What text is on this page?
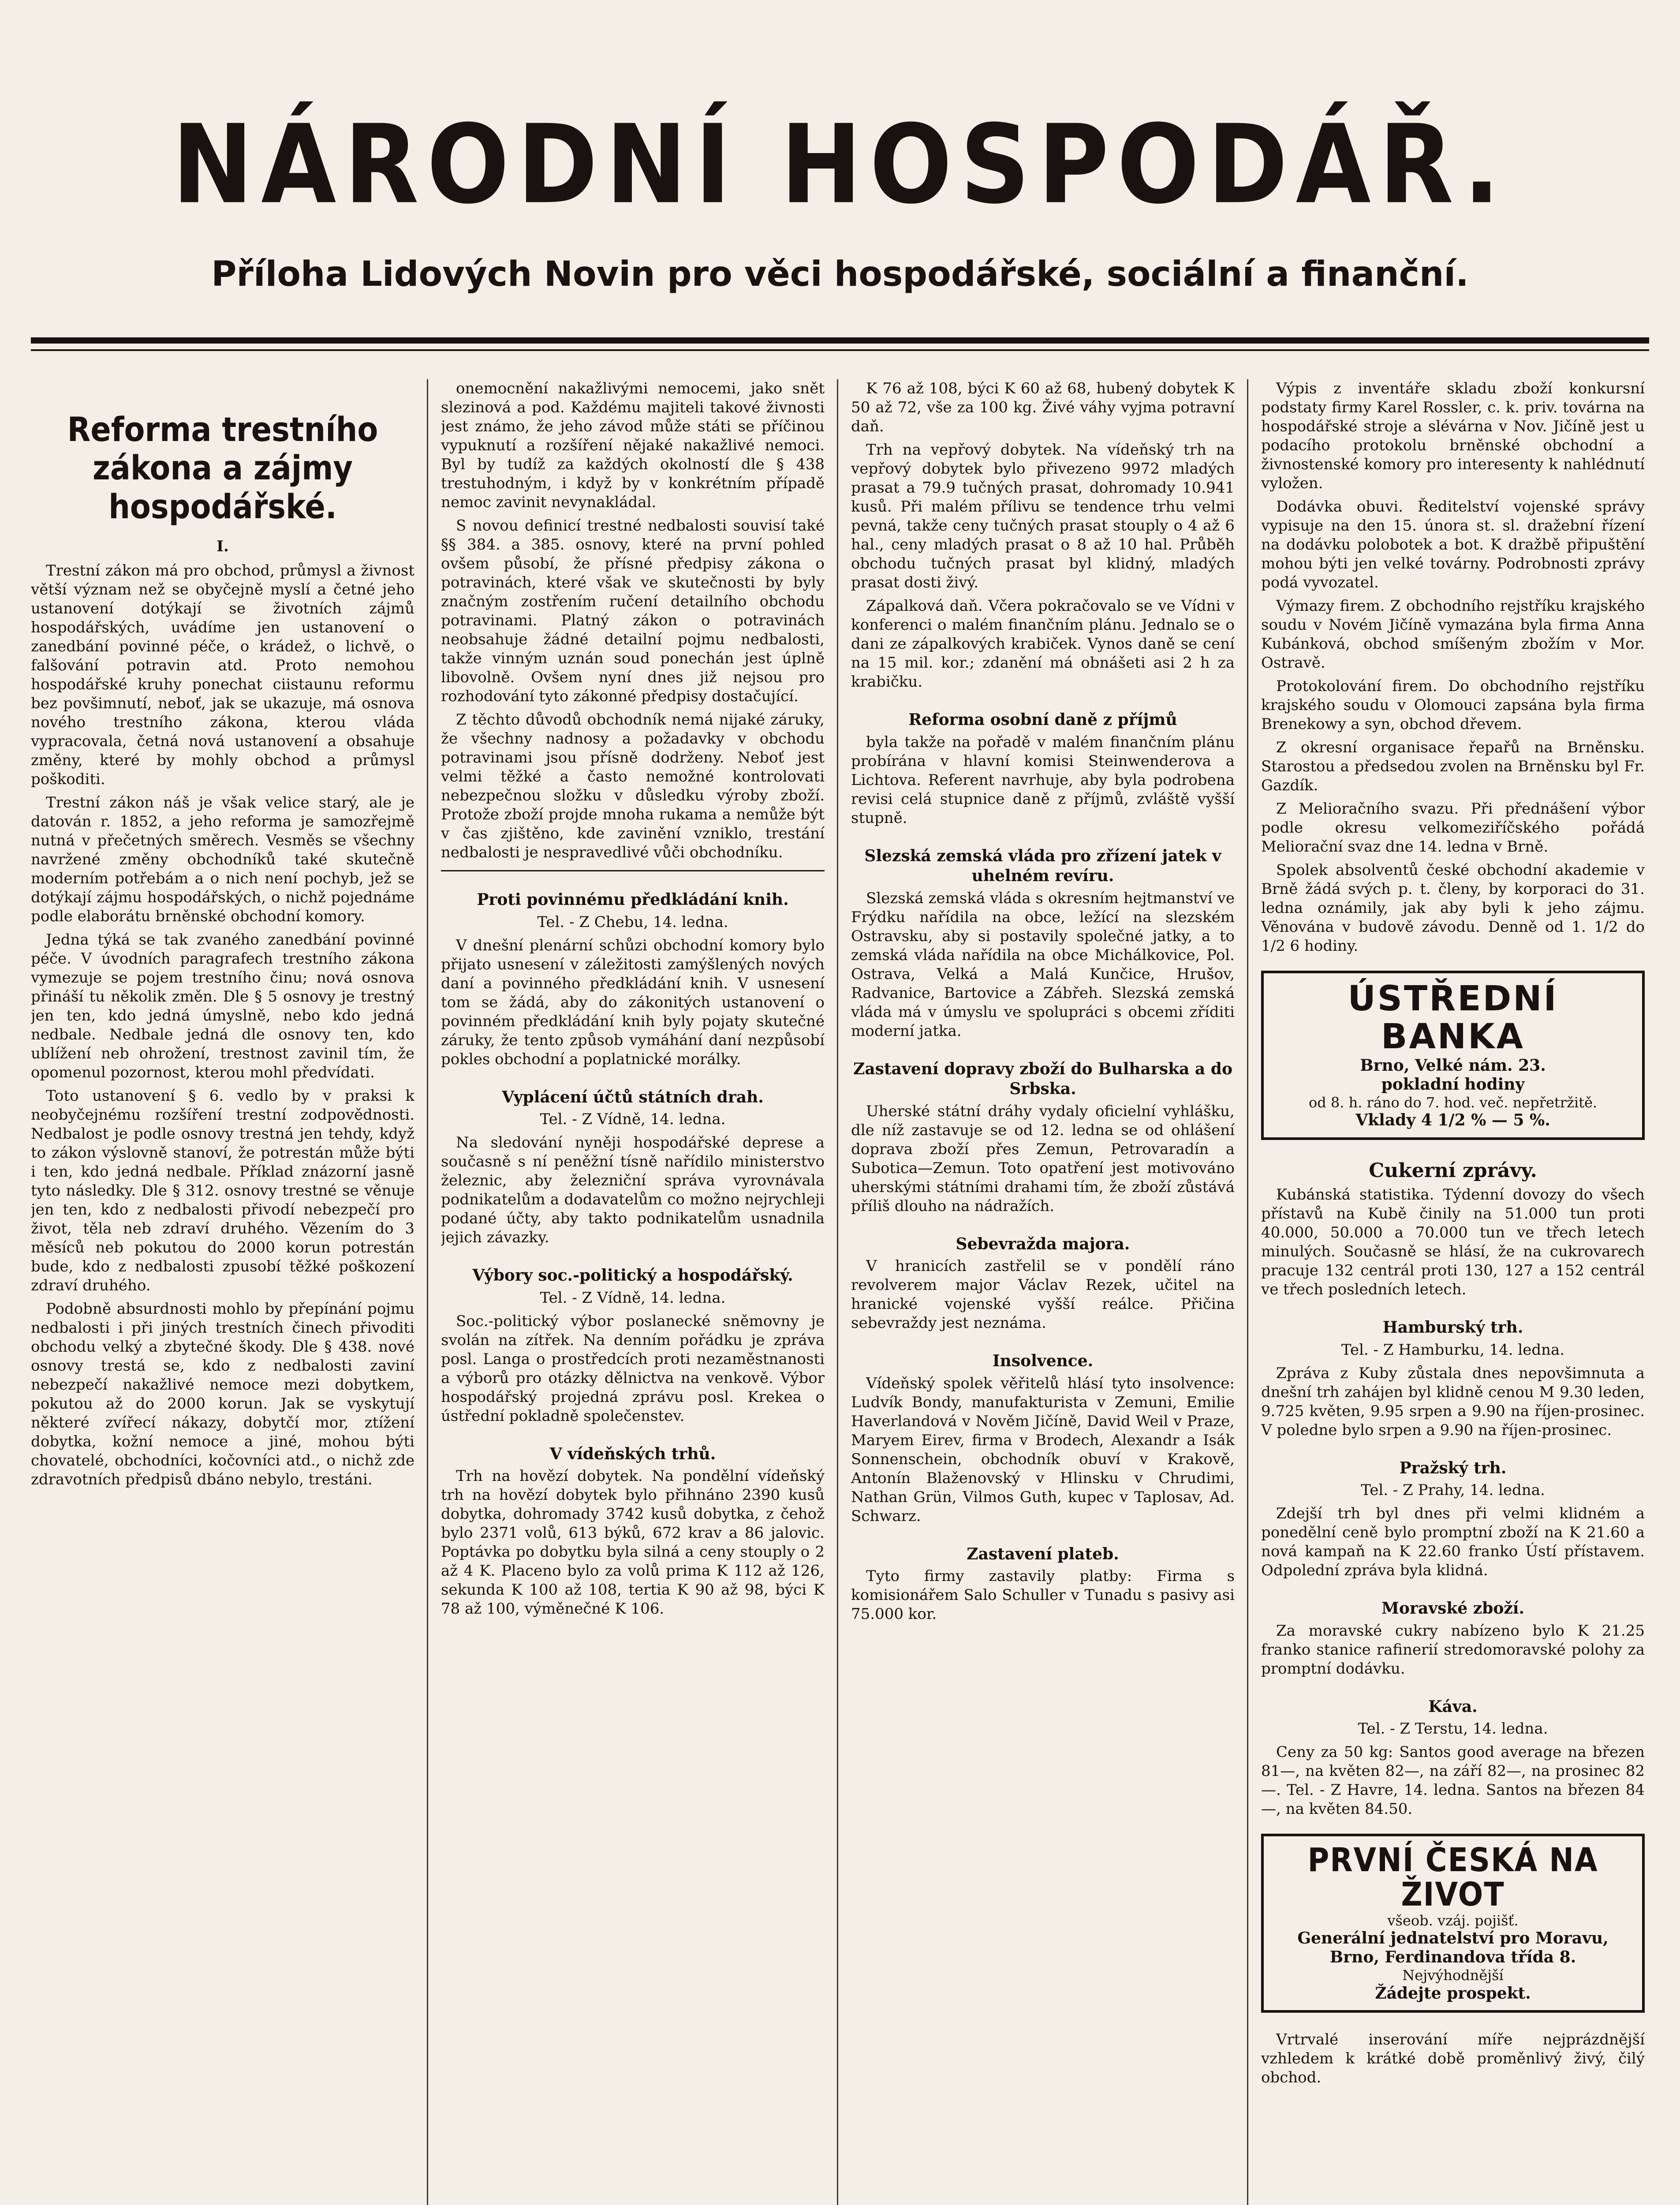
NÁRODNÍ HOSPODÁŘ.
Příloha Lidových Novin pro věci hospodářské, sociální a finanční.
Reforma trestního zákona a zájmy hospodářské.

I.

Trestní zákon má pro obchod, průmysl a živnost větší význam než se obyčejně myslí a četné jeho ustanovení dotýkají se životních zájmů hospodářských, uvádíme jen ustanovení o zanedbání povinné péče, o krádež, o lichvě, o falšování potravin atd. Proto nemohou hospodářské kruhy ponechat ciistaunu reformu bez povšimnutí, neboť, jak se ukazuje, má osnova nového trestního zákona, kterou vláda vypracovala, četná nová ustanovení a obsahuje změny, které by mohly obchod a průmysl poškoditi.

Trestní zákon náš je však velice starý, ale je datován r. 1852, a jeho reforma je samozřejmě nutná v přečetných směrech. Vesměs se všechny navržené změny obchodníků také skutečně moderním potřebám a o nich není pochyb, jež se dotýkají zájmu hospodářských, o nichž pojednáme podle elaborátu brněnské obchodní komory.

Jedna týká se tak zvaného zanedbání povinné péče. V úvodních paragrafech trestního zákona vymezuje se pojem trestního činu; nová osnova přináší tu několik změn. Dle § 5 osnovy je trestný jen ten, kdo jedná úmyslně, nebo kdo jedná nedbale. Nedbale jedná dle osnovy ten, kdo ublížení neb ohrožení, trestnost zavinil tím, že opomenul pozornost, kterou mohl předvídati.

Toto ustanovení § 6. vedlo by v praksi k neobyčejnému rozšíření trestní zodpovědnosti. Nedbalost je podle osnovy trestná jen tehdy, když to zákon výslovně stanoví, že potrestán může býti i ten, kdo jedná nedbale. Příklad znázorní jasně tyto následky. Dle § 312. osnovy trestné se věnuje jen ten, kdo z nedbalosti přivodí nebezpečí pro život, těla neb zdraví druhého. Vězením do 3 měsíců neb pokutou do 2000 korun potrestán bude, kdo z nedbalosti zpusobí těžké poškození zdraví druhého.

Podobně absurdnosti mohlo by přepínání pojmu nedbalosti i při jiných trestních činech přivoditi obchodu velký a zbytečné škody. Dle § 438. nové osnovy trestá se, kdo z nedbalosti zaviní nebezpečí nakažlivé nemoce mezi dobytkem, pokutou až do 2000 korun. Jak se vyskytují některé zvířecí nákazy, dobytčí mor, ztížení dobytka, kožní nemoce a jiné, mohou býti chovatelé, obchodníci, kočovníci atd., o nichž zde zdravotních předpisů dbáno nebylo, trestáni.

onemocnění nakažlivými nemocemi, jako snět slezinová a pod. Každému majiteli takové živnosti jest známo, že jeho závod může státi se příčinou vypuknutí a rozšíření nějaké nakažlivé nemoci. Byl by tudíž za každých okolností dle § 438 trestuhodným, i když by v konkrétním případě nemoc zavinit nevynakládal.

S novou definicí trestné nedbalosti souvisí také §§ 384. a 385. osnovy, které na první pohled ovšem působí, že přísné předpisy zákona o potravinách, které však ve skutečnosti by byly značným zostřením ručení detailního obchodu potravinami. Platný zákon o potravinách neobsahuje žádné detailní pojmu nedbalosti, takže vinným uznán soud ponechán jest úplně libovolně. Ovšem nyní dnes již nejsou pro rozhodování tyto zákonné předpisy dostačující.

Z těchto důvodů obchodník nemá nijaké záruky, že všechny nadnosy a požadavky v obchodu potravinami jsou přísně dodrženy. Neboť jest velmi těžké a často nemožné kontrolovati nebezpečnou složku v důsledku výroby zboží. Protože zboží projde mnoha rukama a nemůže být v čas zjištěno, kde zavinění vzniklo, trestání nedbalosti je nespravedlivé vůči obchodníku.

Proti povinnému předkládání knih.
Tel. - Z Chebu, 14. ledna.

V dnešní plenární schůzi obchodní komory bylo přijato usnesení v záležitosti zamýšlených nových daní a povinného předkládání knih. V usnesení tom se žádá, aby do zákonitých ustanovení o povinném předkládání knih byly pojaty skutečné záruky, že tento způsob vymáhání daní nezpůsobí pokles obchodní a poplatnické morálky.

Vyplácení účtů státních drah.
Tel. - Z Vídně, 14. ledna.

Na sledování nyněji hospodářské deprese a současně s ní peněžní tísně nařídilo ministerstvo železnic, aby železniční správa vyrovnávala podnikatelům a dodavatelům co možno nejrychleji podané účty, aby takto podnikatelům usnadnila jejich závazky.

Výbory soc.-politický a hospodářský.
Tel. - Z Vídně, 14. ledna.

Soc.-politický výbor poslanecké sněmovny je svolán na zítřek. Na denním pořádku je zpráva posl. Langa o prostředcích proti nezaměstnanosti a výborů pro otázky dělnictva na venkově. Výbor hospodářský projedná zprávu posl. Krekea o ústřední pokladně společenstev.

V vídeňských trhů.

Trh na hovězí dobytek. Na pondělní vídeňský trh na hovězí dobytek bylo přihnáno 2390 kusů dobytka, dohromady 3742 kusů dobytka, z čehož bylo 2371 volů, 613 býků, 672 krav a 86 jalovic. Poptávka po dobytku byla silná a ceny stouply o 2 až 4 K. Placeno bylo za volů prima K 112 až 126, sekunda K 100 až 108, tertia K 90 až 98, býci K 78 až 100, výměnečné K 106.

K 76 až 108, býci K 60 až 68, hubený dobytek K 50 až 72, vše za 100 kg. Živé váhy vyjma potravní daň.

Trh na vepřový dobytek. Na vídeňský trh na vepřový dobytek bylo přivezeno 9972 mladých prasat a 79.9 tučných prasat, dohromady 10.941 kusů. Při malém přílivu se tendence trhu velmi pevná, takže ceny tučných prasat stouply o 4 až 6 hal., ceny mladých prasat o 8 až 10 hal. Průběh obchodu tučných prasat byl klidný, mladých prasat dosti živý.

Zápalková daň. Včera pokračovalo se ve Vídni v konferenci o malém finančním plánu. Jednalo se o dani ze zápalkových krabiček. Vynos daně se cení na 15 mil. kor.; zdanění má obnášeti asi 2 h za krabičku.

Reforma osobní daně z příjmů

byla takže na pořadě v malém finančním plánu probírána v hlavní komisi Steinwenderova a Lichtova. Referent navrhuje, aby byla podrobena revisi celá stupnice daně z příjmů, zvláště vyšší stupně.

Slezská zemská vláda pro zřízení jatek v uhelném revíru.

Slezská zemská vláda s okresním hejtmanství ve Frýdku nařídila na obce, ležící na slezském Ostravsku, aby si postavily společné jatky, a to zemská vláda nařídila na obce Michálkovice, Pol. Ostrava, Velká a Malá Kunčice, Hrušov, Radvanice, Bartovice a Zábřeh. Slezská zemská vláda má v úmyslu ve spolupráci s obcemi zříditi moderní jatka.

Zastavení dopravy zboží do Bulharska a do Srbska.

Uherské státní dráhy vydaly oficielní vyhlášku, dle níž zastavuje se od 12. ledna se od ohlášení doprava zboží přes Zemun, Petrovaradín a Subotica—Zemun. Toto opatření jest motivováno uherskými státními drahami tím, že zboží zůstává příliš dlouho na nádražích.

Sebevražda majora.

V hranicích zastřelil se v pondělí ráno revolverem major Václav Rezek, učitel na hranické vojenské vyšší reálce. Přičina sebevraždy jest neznáma.

Insolvence.

Vídeňský spolek věřitelů hlásí tyto insolvence: Ludvík Bondy, manufakturista v Zemuni, Emilie Haverlandová v Nověm Jičíně, David Weil v Praze, Maryem Eirev, firma v Brodech, Alexandr a Isák Sonnenschein, obchodník obuví v Krakově, Antonín Blaženovský v Hlinsku v Chrudimi, Nathan Grün, Vilmos Guth, kupec v Taplosav, Ad. Schwarz.

Zastavení plateb.

Tyto firmy zastavily platby: Firma s komisionářem Salo Schuller v Tunadu s pasivy asi 75.000 kor.

Výpis z inventáře skladu zboží konkursní podstaty firmy Karel Rossler, c. k. priv. továrna na hospodářské stroje a slévárna v Nov. Jičíně jest u podacího protokolu brněnské obchodní a živnostenské komory pro interesenty k nahlédnutí vyložen.

Dodávka obuvi. Ředitelství vojenské správy vypisuje na den 15. února st. sl. dražební řízení na dodávku polobotek a bot. K dražbě připuštění mohou býti jen velké továrny. Podrobnosti zprávy podá vyvozatel.

Výmazy firem. Z obchodního rejstříku krajského soudu v Novém Jičíně vymazána byla firma Anna Kubánková, obchod smíšeným zbožím v Mor. Ostravě.

Protokolování firem. Do obchodního rejstříku krajského soudu v Olomouci zapsána byla firma Brenekowy a syn, obchod dřevem.

Z okresní organisace řepařů na Brněnsku. Starostou a předsedou zvolen na Brněnsku byl Fr. Gazdík.

Z Melioračního svazu. Při přednášení výbor podle okresu velkomeziříčského pořádá Meliorační svaz dne 14. ledna v Brně.

Spolek absolventů české obchodní akademie v Brně žádá svých p. t. členy, by korporaci do 31. ledna oznámily, jak aby byli k jeho zájmu. Věnována v budově závodu. Denně od 1. 1/2 do 1/2 6 hodiny.

ÚSTŘEDNÍ BANKA
Brno, Velké nám. 23.
pokladní hodiny
od 8. h. ráno do 7. hod. več. nepřetržitě.
Vklady 4 1/2 % — 5 %.
Cukerní zprávy.

Kubánská statistika. Týdenní dovozy do všech přístavů na Kubě činily na 51.000 tun proti 40.000, 50.000 a 70.000 tun ve třech letech minulých. Současně se hlásí, že na cukrovarech pracuje 132 centrál proti 130, 127 a 152 centrál ve třech posledních letech.

Hamburský trh.
Tel. - Z Hamburku, 14. ledna.

Zpráva z Kuby zůstala dnes nepovšimnuta a dnešní trh zahájen byl klidně cenou M 9.30 leden, 9.725 květen, 9.95 srpen a 9.90 na říjen-prosinec. V poledne bylo srpen a 9.90 na říjen-prosinec.

Pražský trh.
Tel. - Z Prahy, 14. ledna.

Zdejší trh byl dnes při velmi klidném a ponedělní ceně bylo promptní zboží na K 21.60 a nová kampaň na K 22.60 franko Ústí přístavem. Odpolední zpráva byla klidná.

Moravské zboží.

Za moravské cukry nabízeno bylo K 21.25 franko stanice rafinerií stredomoravské polohy za promptní dodávku.

Káva.
Tel. - Z Terstu, 14. ledna.

Ceny za 50 kg: Santos good average na březen 81—, na květen 82—, na září 82—, na prosinec 82—. Tel. - Z Havre, 14. ledna. Santos na březen 84—, na květen 84.50.

PRVNÍ ČESKÁ NA ŽIVOT
všeob. vzáj. pojišť.
Generální jednatelství pro Moravu,
Brno, Ferdinandova třída 8.
Nejvýhodnější
Žádejte prospekt.

Vrtrvalé inserování míře nejprázdnější vzhledem k krátké době proměnlivý živý, čilý obchod.
